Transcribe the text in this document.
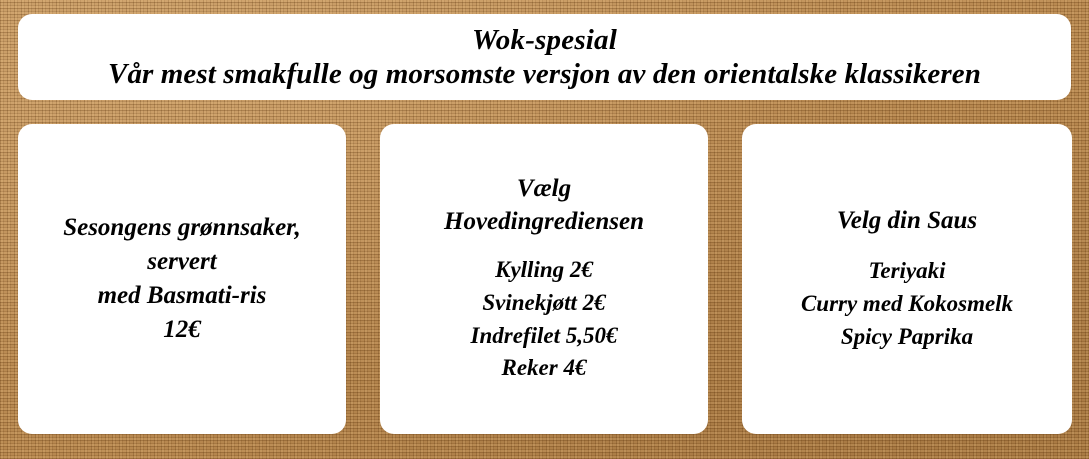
Wok-spesial
Vår mest smakfulle og morsomste versjon av den orientalske klassikeren
Sesongens grønnsaker,
servert
med Basmati-ris
12€
Vælg
Hovedingrediensen
Kylling 2€
Svinekjøtt 2€
Indrefilet 5,50€
Reker 4€
Velg din Saus
Teriyaki
Curry med Kokosmelk
Spicy Paprika
